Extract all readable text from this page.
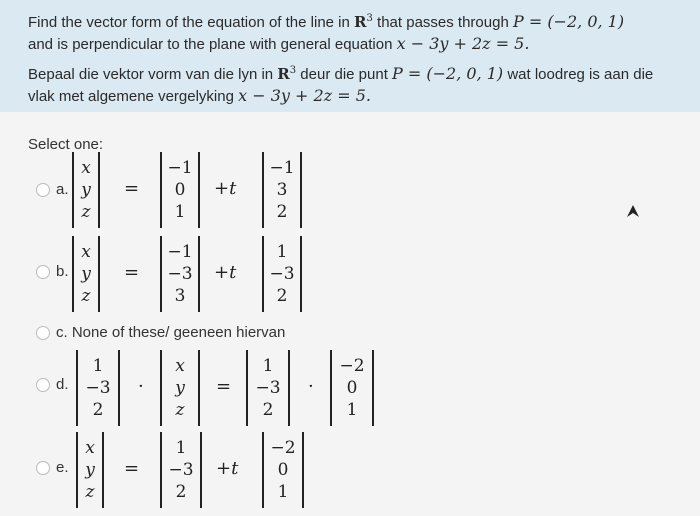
Find the vector form of the equation of the line in $R^3$ that passes through P = (−2, 0, 1)
and is perpendicular to the plane with general equation x − 3y + 2z = 5.
Bepaal die vektor vorm van die lyn in $R^3$ deur die punt P = (−2, 0, 1) wat loodreg is aan die
vlak met algemene vergelyking x − 3y + 2z = 5.
Select one:
a.
x
y
z
=
−1
0
1
+t
−1
3
2
b.
x
y
z
=
−1
−3
3
+t
1
−3
2
c. None of these/ geeneen hiervan
d.
1
−3
2
·
x
y
z
=
1
−3
2
·
−2
0
1
e.
x
y
z
=
1
−3
2
+t
−2
0
1
